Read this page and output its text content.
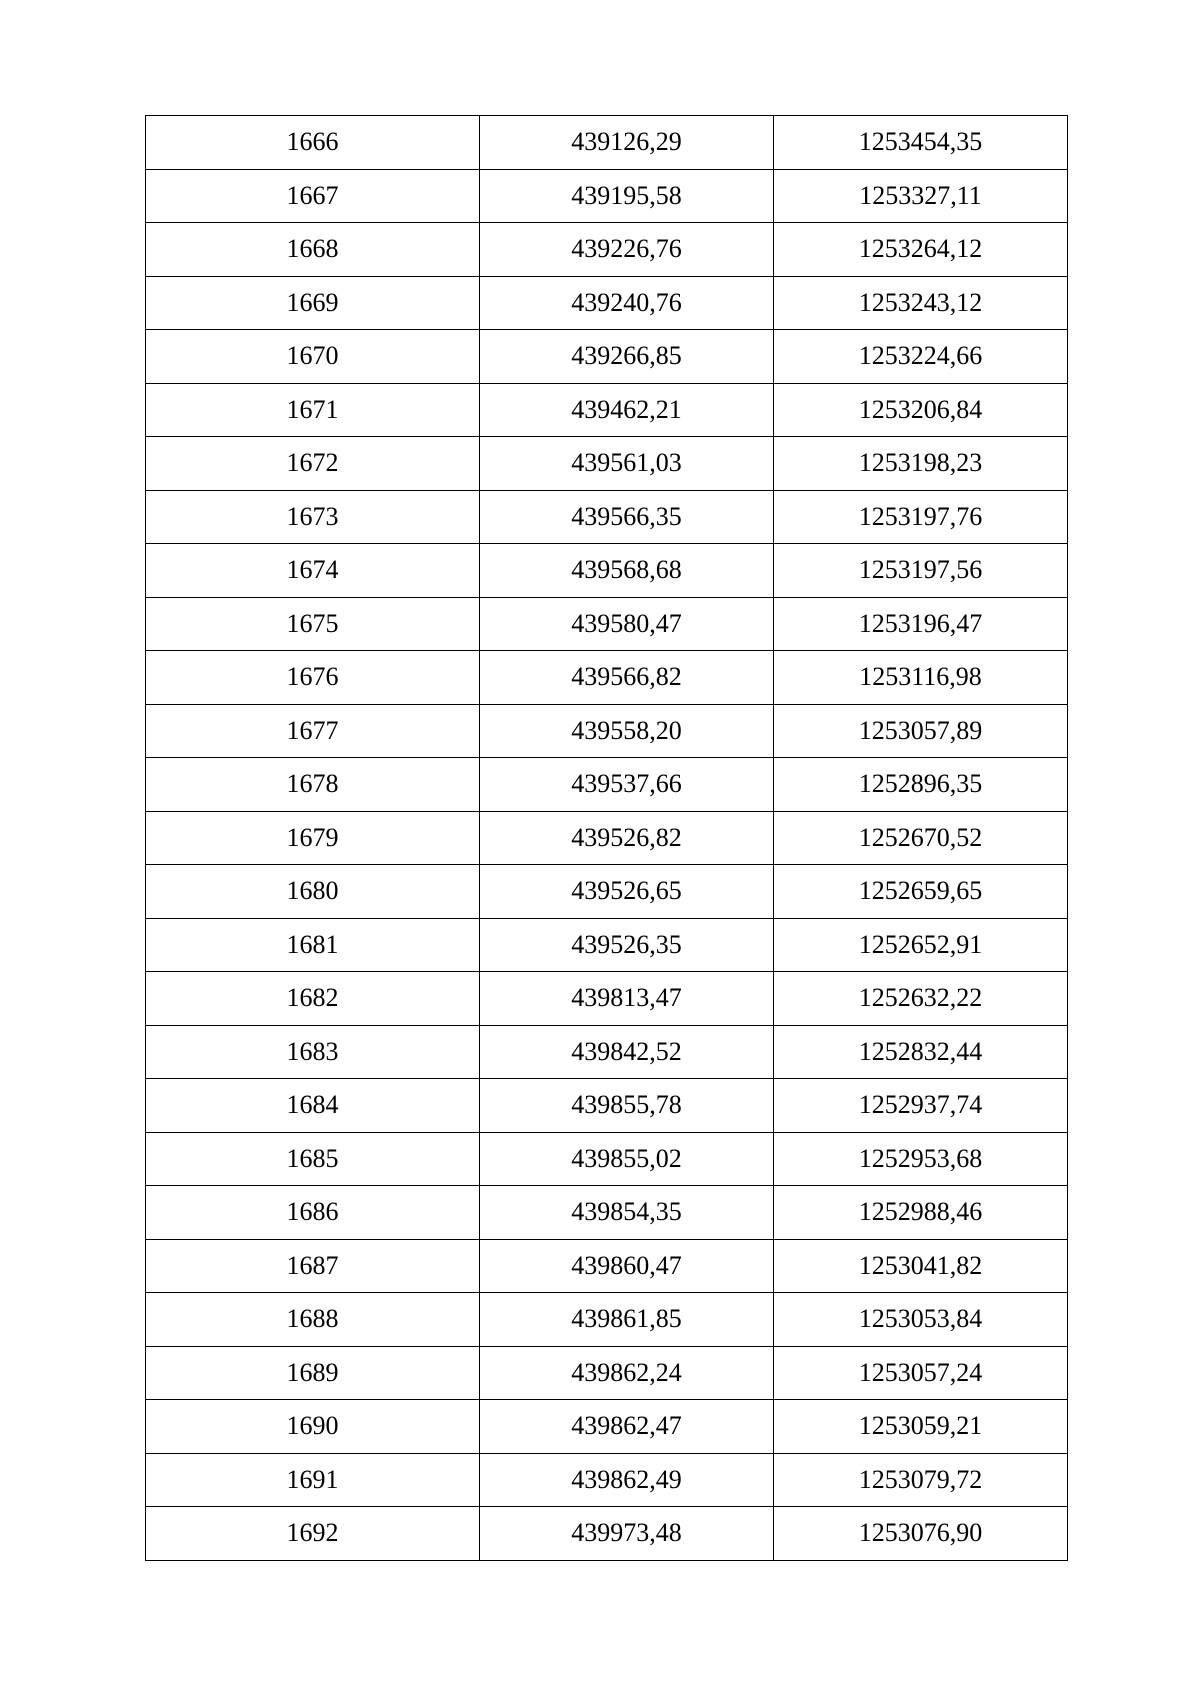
1666	439126,29	1253454,35
1667	439195,58	1253327,11
1668	439226,76	1253264,12
1669	439240,76	1253243,12
1670	439266,85	1253224,66
1671	439462,21	1253206,84
1672	439561,03	1253198,23
1673	439566,35	1253197,76
1674	439568,68	1253197,56
1675	439580,47	1253196,47
1676	439566,82	1253116,98
1677	439558,20	1253057,89
1678	439537,66	1252896,35
1679	439526,82	1252670,52
1680	439526,65	1252659,65
1681	439526,35	1252652,91
1682	439813,47	1252632,22
1683	439842,52	1252832,44
1684	439855,78	1252937,74
1685	439855,02	1252953,68
1686	439854,35	1252988,46
1687	439860,47	1253041,82
1688	439861,85	1253053,84
1689	439862,24	1253057,24
1690	439862,47	1253059,21
1691	439862,49	1253079,72
1692	439973,48	1253076,90
